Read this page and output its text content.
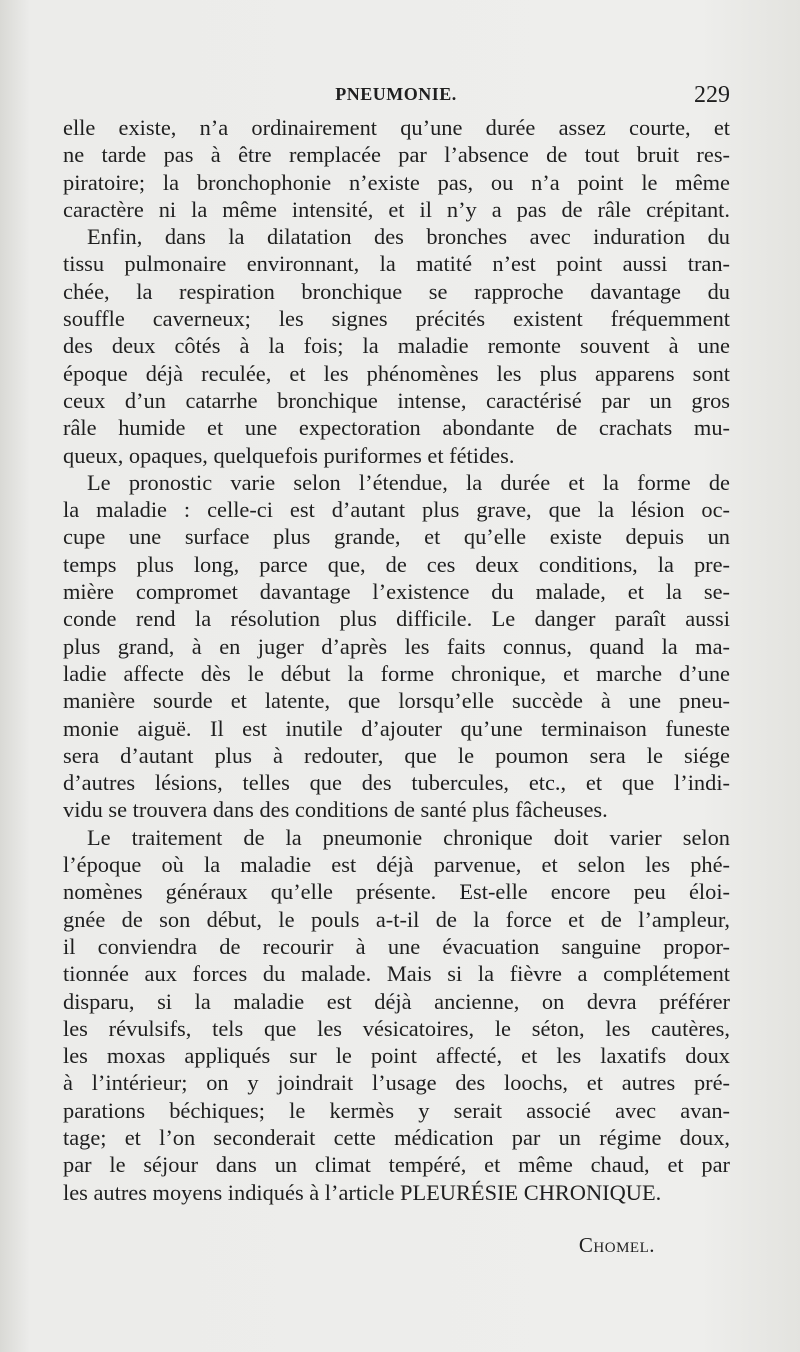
PNEUMONIE.	229
elle existe, n’a ordinairement qu’une durée assez courte, et
ne tarde pas à être remplacée par l’absence de tout bruit res-
piratoire; la bronchophonie n’existe pas, ou n’a point le même
caractère ni la même intensité, et il n’y a pas de râle crépitant.
Enfin, dans la dilatation des bronches avec induration du
tissu pulmonaire environnant, la matité n’est point aussi tran-
chée, la respiration bronchique se rapproche davantage du
souffle caverneux; les signes précités existent fréquemment
des deux côtés à la fois; la maladie remonte souvent à une
époque déjà reculée, et les phénomènes les plus apparens sont
ceux d’un catarrhe bronchique intense, caractérisé par un gros
râle humide et une expectoration abondante de crachats mu-
queux, opaques, quelquefois puriformes et fétides.
Le pronostic varie selon l’étendue, la durée et la forme de
la maladie : celle-ci est d’autant plus grave, que la lésion oc-
cupe une surface plus grande, et qu’elle existe depuis un
temps plus long, parce que, de ces deux conditions, la pre-
mière compromet davantage l’existence du malade, et la se-
conde rend la résolution plus difficile. Le danger paraît aussi
plus grand, à en juger d’après les faits connus, quand la ma-
ladie affecte dès le début la forme chronique, et marche d’une
manière sourde et latente, que lorsqu’elle succède à une pneu-
monie aiguë. Il est inutile d’ajouter qu’une terminaison funeste
sera d’autant plus à redouter, que le poumon sera le siége
d’autres lésions, telles que des tubercules, etc., et que l’indi-
vidu se trouvera dans des conditions de santé plus fâcheuses.
Le traitement de la pneumonie chronique doit varier selon
l’époque où la maladie est déjà parvenue, et selon les phé-
nomènes généraux qu’elle présente. Est-elle encore peu éloi-
gnée de son début, le pouls a-t-il de la force et de l’ampleur,
il conviendra de recourir à une évacuation sanguine propor-
tionnée aux forces du malade. Mais si la fièvre a complétement
disparu, si la maladie est déjà ancienne, on devra préférer
les révulsifs, tels que les vésicatoires, le séton, les cautères,
les moxas appliqués sur le point affecté, et les laxatifs doux
à l’intérieur; on y joindrait l’usage des loochs, et autres pré-
parations béchiques; le kermès y serait associé avec avan-
tage; et l’on seconderait cette médication par un régime doux,
par le séjour dans un climat tempéré, et même chaud, et par
les autres moyens indiqués à l’article PLEURÉSIE CHRONIQUE.
Chomel.
